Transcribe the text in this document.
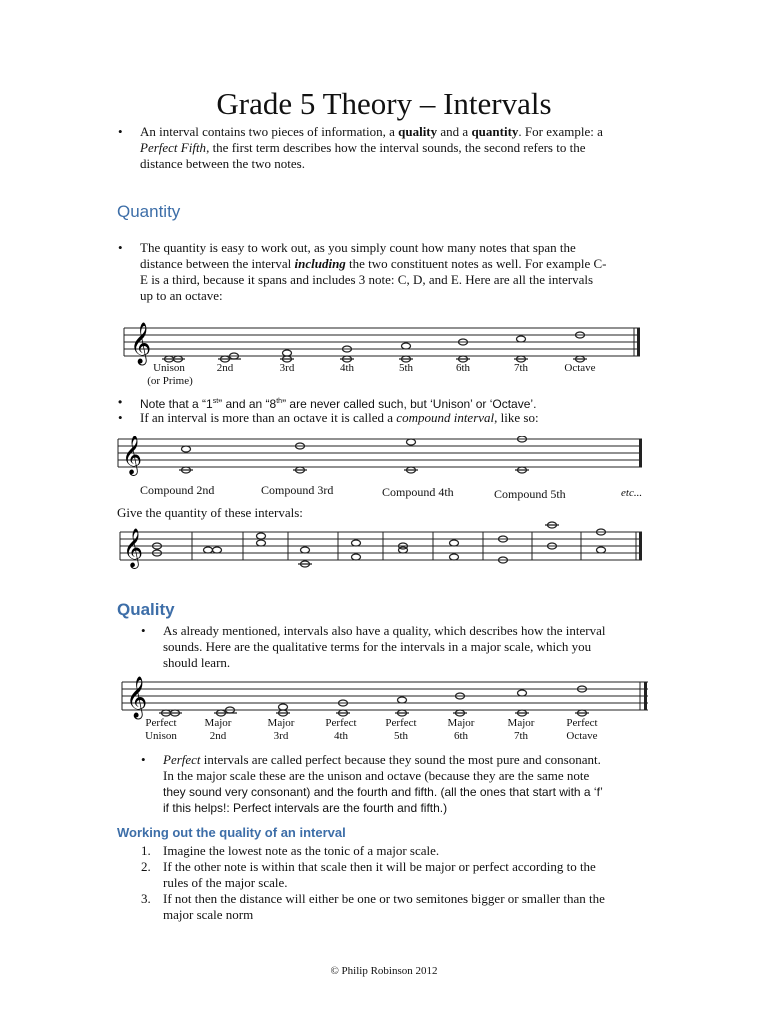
Grade 5 Theory – Intervals
• An interval contains two pieces of information, a quality and a quantity. For example: a
Perfect Fifth, the first term describes how the interval sounds, the second refers to the
distance between the two notes.
Quantity
• The quantity is easy to work out, as you simply count how many notes that span the
distance between the interval including the two constituent notes as well. For example C-
E is a third, because it spans and includes 3 note: C, D, and E. Here are all the intervals
up to an octave:
𝄞
Unison	2nd	3rd	4th	5th	6th	7th	Octave
(or Prime)
• Note that a “1st” and an “8th” are never called such, but ‘Unison’ or ‘Octave’.
• If an interval is more than an octave it is called a compound interval, like so:
𝄞
Compound 2nd	Compound 3rd	Compound 4th	Compound 5th	etc...
Give the quantity of these intervals:
𝄞
Quality
• As already mentioned, intervals also have a quality, which describes how the interval
sounds. Here are the qualitative terms for the intervals in a major scale, which you
should learn.
𝄞
Perfect
Unison
Major
2nd
Major
3rd
Perfect
4th
Perfect
5th
Major
6th
Major
7th
Perfect
Octave
• Perfect intervals are called perfect because they sound the most pure and consonant.
In the major scale these are the unison and octave (because they are the same note
they sound very consonant) and the fourth and fifth. (all the ones that start with a ‘f’
if this helps!: Perfect intervals are the fourth and fifth.)
Working out the quality of an interval
1. Imagine the lowest note as the tonic of a major scale.
2. If the other note is within that scale then it will be major or perfect according to the
rules of the major scale.
3. If not then the distance will either be one or two semitones bigger or smaller than the
major scale norm
© Philip Robinson 2012
